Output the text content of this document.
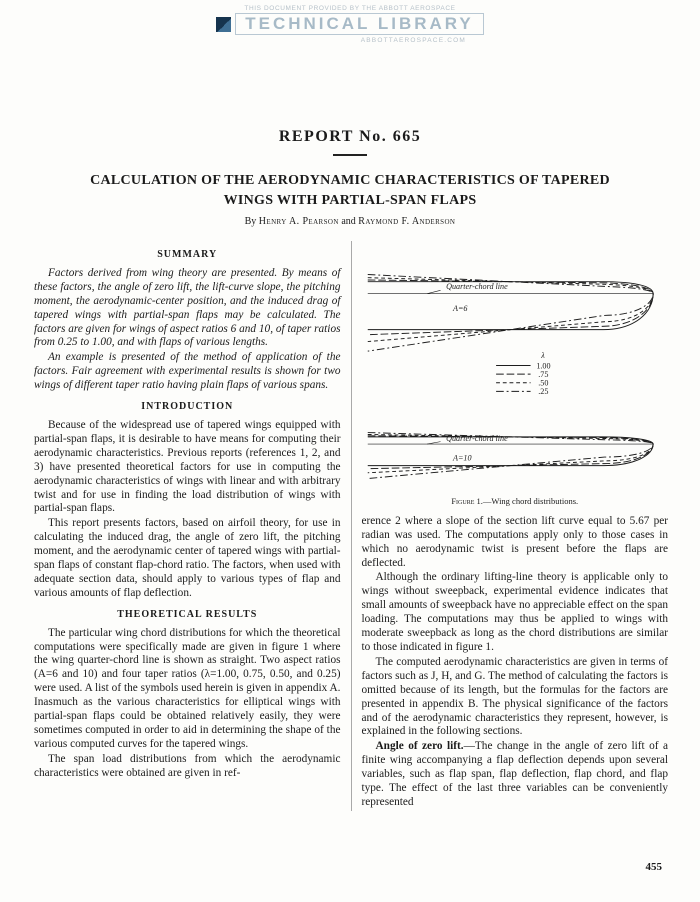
THIS DOCUMENT PROVIDED BY THE ABBOTT AEROSPACE
TECHNICAL LIBRARY
ABBOTTAEROSPACE.COM
REPORT No. 665
CALCULATION OF THE AERODYNAMIC CHARACTERISTICS OF TAPERED
WINGS WITH PARTIAL-SPAN FLAPS
By Henry A. Pearson and Raymond F. Anderson
SUMMARY

Factors derived from wing theory are presented. By means of these factors, the angle of zero lift, the lift-curve slope, the pitching moment, the aerodynamic-center position, and the induced drag of tapered wings with partial-span flaps may be calculated. The factors are given for wings of aspect ratios 6 and 10, of taper ratios from 0.25 to 1.00, and with flaps of various lengths.

An example is presented of the method of application of the factors. Fair agreement with experimental results is shown for two wings of different taper ratio having plain flaps of various spans.

INTRODUCTION

Because of the widespread use of tapered wings equipped with partial-span flaps, it is desirable to have means for computing their aerodynamic characteristics. Previous reports (references 1, 2, and 3) have presented theoretical factors for use in computing the aerodynamic characteristics of wings with linear and with arbitrary twist and for use in finding the load distribution of wings with partial-span flaps.

This report presents factors, based on airfoil theory, for use in calculating the induced drag, the angle of zero lift, the pitching moment, and the aerodynamic center of tapered wings with partial-span flaps of constant flap-chord ratio. The factors, when used with adequate section data, should apply to various types of flap and various amounts of flap deflection.

THEORETICAL RESULTS

The particular wing chord distributions for which the theoretical computations were specifically made are given in figure 1 where the wing quarter-chord line is shown as straight. Two aspect ratios (A=6 and 10) and four taper ratios (λ=1.00, 0.75, 0.50, and 0.25) were used. A list of the symbols used herein is given in appendix A. Inasmuch as the various characteristics for elliptical wings with partial-span flaps could be obtained relatively easily, they were sometimes computed in order to aid in determining the shape of the various computed curves for the tapered wings.

The span load distributions from which the aerodynamic characteristics were obtained are given in ref-

Quarter-chord line
A=6
λ
1.00
.75
.50
.25
Quarter-chord line
A=10
Figure 1.—Wing chord distributions.

erence 2 where a slope of the section lift curve equal to 5.67 per radian was used. The computations apply only to those cases in which no aerodynamic twist is present before the flaps are deflected.

Although the ordinary lifting-line theory is applicable only to wings without sweepback, experimental evidence indicates that small amounts of sweepback have no appreciable effect on the span loading. The computations may thus be applied to wings with moderate sweepback as long as the chord distributions are similar to those indicated in figure 1.

The computed aerodynamic characteristics are given in terms of factors such as J, H, and G. The method of calculating the factors is omitted because of its length, but the formulas for the factors are presented in appendix B. The physical significance of the factors and of the aerodynamic characteristics they represent, however, is explained in the following sections.

Angle of zero lift.—The change in the angle of zero lift of a finite wing accompanying a flap deflection depends upon several variables, such as flap span, flap deflection, flap chord, and flap type. The effect of the last three variables can be conveniently represented

455
